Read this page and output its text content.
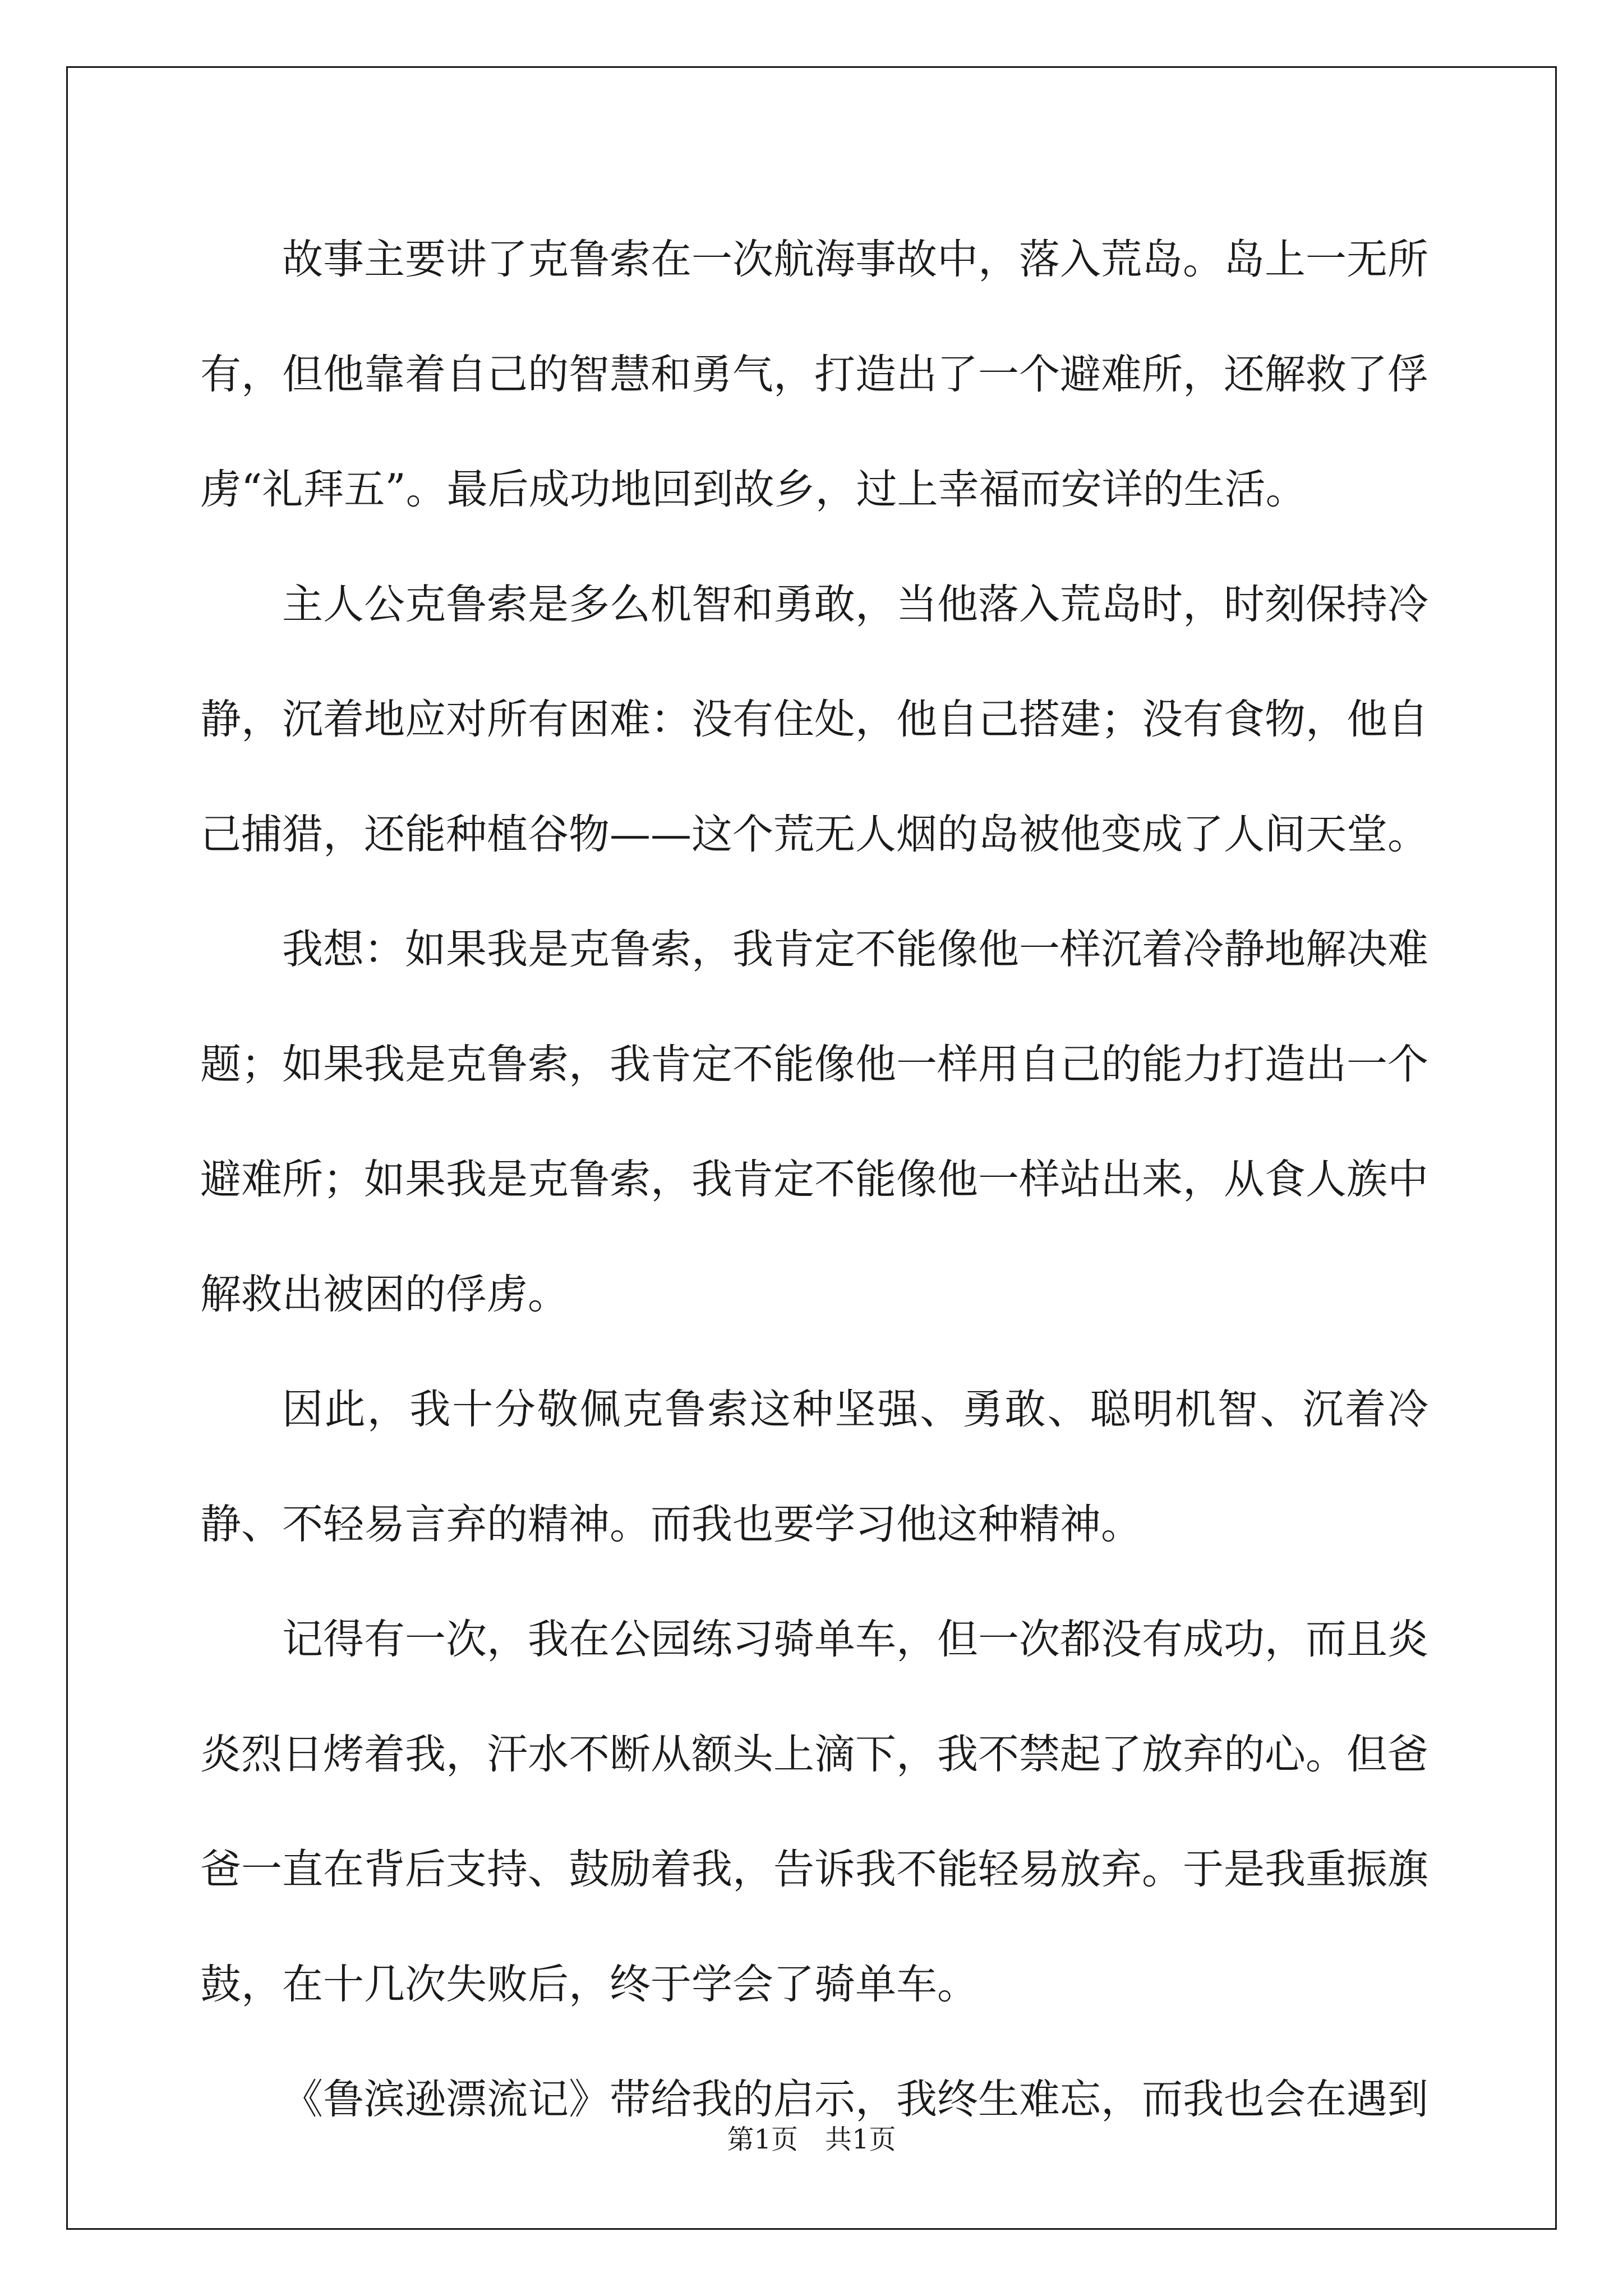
故事主要讲了克鲁索在一次航海事故中，落入荒岛。岛上一无所有，但他靠着自己的智慧和勇气，打造出了一个避难所，还解救了俘虏“礼拜五”。最后成功地回到故乡，过上幸福而安详的生活。

主人公克鲁索是多么机智和勇敢，当他落入荒岛时，时刻保持冷静，沉着地应对所有困难：没有住处，他自己搭建；没有食物，他自己捕猎，还能种植谷物——这个荒无人烟的岛被他变成了人间天堂。

我想：如果我是克鲁索，我肯定不能像他一样沉着冷静地解决难题；如果我是克鲁索，我肯定不能像他一样用自己的能力打造出一个避难所；如果我是克鲁索，我肯定不能像他一样站出来，从食人族中解救出被困的俘虏。

因此，我十分敬佩克鲁索这种坚强、勇敢、聪明机智、沉着冷静、不轻易言弃的精神。而我也要学习他这种精神。

记得有一次，我在公园练习骑单车，但一次都没有成功，而且炎炎烈日烤着我，汗水不断从额头上滴下，我不禁起了放弃的心。但爸爸一直在背后支持、鼓励着我，告诉我不能轻易放弃。于是我重振旗鼓，在十几次失败后，终于学会了骑单车。

《鲁滨逊漂流记》带给我的启示，我终生难忘，而我也会在遇到

第1页 共1页
